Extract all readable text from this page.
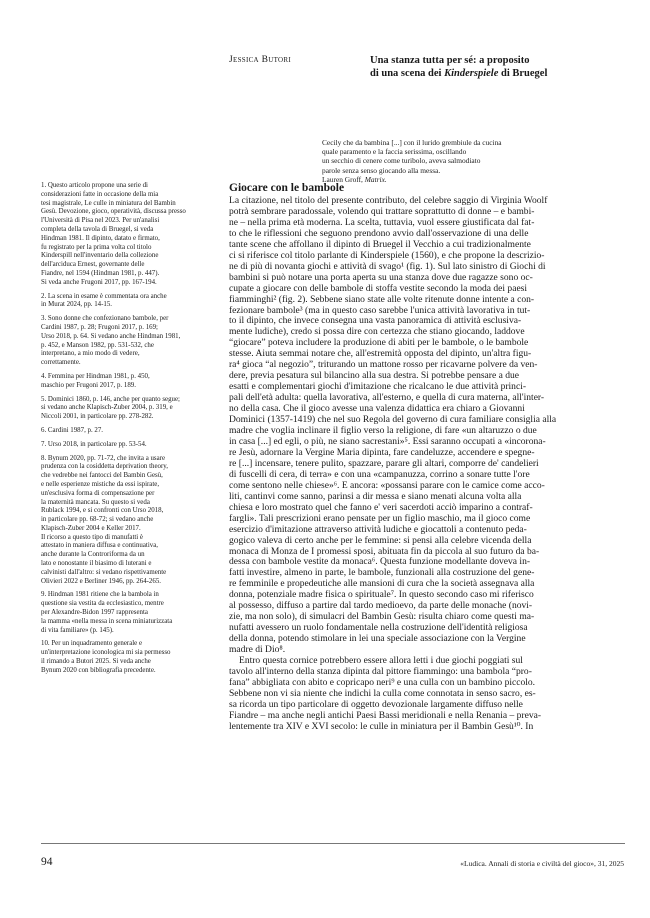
Jessica Butori	Una stanza tutta per sé: a proposito
di una scena dei Kinderspiele di Bruegel
Cecily che da bambina [...] con il lurido grembiule da cucina
quale paramento e la faccia serissima, oscillando
un secchio di cenere come turibolo, aveva salmodiato
parole senza senso giocando alla messa.
Lauren Groff, Matrix.

1. Questo articolo propone una serie di

considerazioni fatte in occasione della mia

tesi magistrale, Le culle in miniatura del Bambin

Gesù. Devozione, gioco, operatività, discussa presso

l'Università di Pisa nel 2023. Per un'analisi

completa della tavola di Bruegel, si veda

Hindman 1981. Il dipinto, datato e firmato,

fu registrato per la prima volta col titolo

Kinderspill nell'inventario della collezione

dell'arciduca Ernest, governante delle

Fiandre, nel 1594 (Hindman 1981, p. 447).

Si veda anche Frugoni 2017, pp. 167-194.

2. La scena in esame è commentata ora anche

in Murat 2024, pp. 14-15.

3. Sono donne che confezionano bambole, per

Cardini 1987, p. 28; Frugoni 2017, p. 169;

Urso 2018, p. 64. Si vedano anche Hindman 1981,

p. 452, e Manson 1982, pp. 531-532, che

interpretano, a mio modo di vedere,

correttamente.

4. Femmina per Hindman 1981, p. 450,

maschio per Frugoni 2017, p. 189.

5. Dominici 1860, p. 146, anche per quanto segue;

si vedano anche Klapisch-Zuber 2004, p. 319, e

Niccoli 2001, in particolare pp. 278-282.

6. Cardini 1987, p. 27.

7. Urso 2018, in particolare pp. 53-54.

8. Bynum 2020, pp. 71-72, che invita a usare

prudenza con la cosiddetta deprivation theory,

che vedrebbe nei fantocci del Bambin Gesù,

e nelle esperienze mistiche da essi ispirate,

un'esclusiva forma di compensazione per

la maternità mancata. Su questo si veda

Rublack 1994, e si confronti con Urso 2018,

in particolare pp. 68-72; si vedano anche

Klapisch-Zuber 2004 e Keller 2017.

Il ricorso a questo tipo di manufatti è

attestato in maniera diffusa e continuativa,

anche durante la Controriforma da un

lato e nonostante il biasimo di luterani e

calvinisti dall'altro: si vedano rispettivamente

Olivieri 2022 e Berliner 1946, pp. 264-265.

9. Hindman 1981 ritiene che la bambola in

questione sia vestita da ecclesiastico, mentre

per Alexandre-Bidon 1997 rappresenta

la mamma «nella messa in scena miniaturizzata

di vita familiare» (p. 145).

10. Per un inquadramento generale e

un'interpretazione iconologica mi sia permesso

il rimando a Butori 2025. Si veda anche

Bynum 2020 con bibliografia precedente.

Giocare con le bambole
La citazione, nel titolo del presente contributo, del celebre saggio di Virginia Woolf
potrà sembrare paradossale, volendo qui trattare soprattutto di donne – e bambi-
ne – nella prima età moderna. La scelta, tuttavia, vuol essere giustificata dal fat-
to che le riflessioni che seguono prendono avvio dall'osservazione di una delle
tante scene che affollano il dipinto di Bruegel il Vecchio a cui tradizionalmente
ci si riferisce col titolo parlante di Kinderspiele (1560), e che propone la descrizio-
ne di più di novanta giochi e attività di svago¹ (fig. 1). Sul lato sinistro di Giochi di
bambini si può notare una porta aperta su una stanza dove due ragazze sono oc-
cupate a giocare con delle bambole di stoffa vestite secondo la moda dei paesi
fiamminghi² (fig. 2). Sebbene siano state alle volte ritenute donne intente a con-
fezionare bambole³ (ma in questo caso sarebbe l'unica attività lavorativa in tut-
to il dipinto, che invece consegna una vasta panoramica di attività esclusiva-
mente ludiche), credo si possa dire con certezza che stiano giocando, laddove
“giocare” poteva includere la produzione di abiti per le bambole, o le bambole
stesse. Aiuta semmai notare che, all'estremità opposta del dipinto, un'altra figu-
ra⁴ gioca “al negozio”, triturando un mattone rosso per ricavarne polvere da ven-
dere, previa pesatura sul bilancino alla sua destra. Si potrebbe pensare a due
esatti e complementari giochi d'imitazione che ricalcano le due attività princi-
pali dell'età adulta: quella lavorativa, all'esterno, e quella di cura materna, all'inter-
no della casa. Che il gioco avesse una valenza didattica era chiaro a Giovanni
Dominici (1357-1419) che nel suo Regola del governo di cura familiare consiglia alla
madre che voglia inclinare il figlio verso la religione, di fare «un altaruzzo o due
in casa [...] ed egli, o più, ne siano sacrestani»⁵. Essi saranno occupati a «incorona-
re Jesù, adornare la Vergine Maria dipinta, fare candeluzze, accendere e spegne-
re [...] incensare, tenere pulito, spazzare, parare gli altari, comporre de' candelieri
di fuscelli di cera, di terra» e con una «campanuzza, corrino a sonare tutte l'ore
come sentono nelle chiese»⁶. E ancora: «possansi parare con le camice come acco-
liti, cantinvi come sanno, parinsi a dir messa e siano menati alcuna volta alla
chiesa e loro mostrato quel che fanno e' veri sacerdoti acciò imparino a contraf-
fargli». Tali prescrizioni erano pensate per un figlio maschio, ma il gioco come
esercizio d'imitazione attraverso attività ludiche e giocattoli a contenuto peda-
gogico valeva di certo anche per le femmine: si pensi alla celebre vicenda della
monaca di Monza de I promessi sposi, abituata fin da piccola al suo futuro da ba-
dessa con bambole vestite da monaca⁶. Questa funzione modellante doveva in-
fatti investire, almeno in parte, le bambole, funzionali alla costruzione del gene-
re femminile e propedeutiche alle mansioni di cura che la società assegnava alla
donna, potenziale madre fisica o spirituale⁷. In questo secondo caso mi riferisco
al possesso, diffuso a partire dal tardo medioevo, da parte delle monache (novi-
zie, ma non solo), di simulacri del Bambin Gesù: risulta chiaro come questi ma-
nufatti avessero un ruolo fondamentale nella costruzione dell'identità religiosa
della donna, potendo stimolare in lei una speciale associazione con la Vergine
madre di Dio⁸.
Entro questa cornice potrebbero essere allora letti i due giochi poggiati sul
tavolo all'interno della stanza dipinta dal pittore fiammingo: una bambola “pro-
fana” abbigliata con abito e copricapo neri⁹ e una culla con un bambino piccolo.
Sebbene non vi sia niente che indichi la culla come connotata in senso sacro, es-
sa ricorda un tipo particolare di oggetto devozionale largamente diffuso nelle
Fiandre – ma anche negli antichi Paesi Bassi meridionali e nella Renania – preva-
lentemente tra XIV e XVI secolo: le culle in miniatura per il Bambin Gesù¹⁰. In
94	«Ludica. Annali di storia e civiltà del gioco», 31, 2025
